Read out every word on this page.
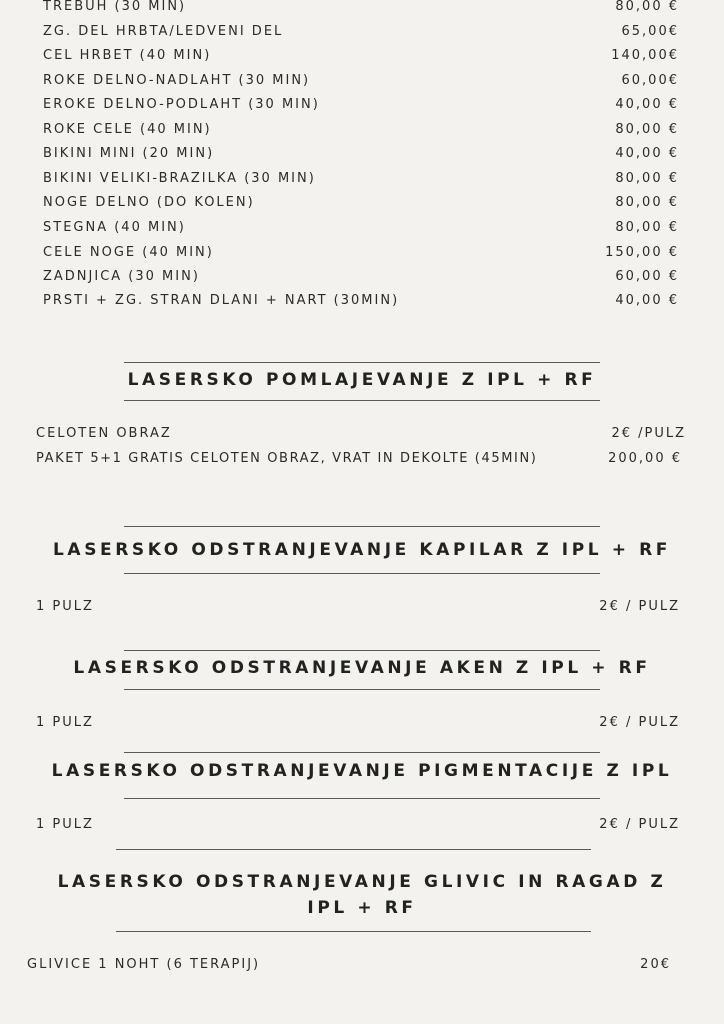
TREBUH (30 MIN)	80,00 €
ZG. DEL HRBTA/LEDVENI DEL	65,00€
CEL HRBET (40 MIN)	140,00€
ROKE DELNO-NADLAHT (30 MIN)	60,00€
EROKE DELNO-PODLAHT (30 MIN)	40,00 €
ROKE CELE (40 MIN)	80,00 €
BIKINI MINI (20 MIN)	40,00 €
BIKINI VELIKI-BRAZILKA (30 MIN)	80,00 €
NOGE DELNO (DO KOLEN)	80,00 €
STEGNA (40 MIN)	80,00 €
CELE NOGE (40 MIN)	150,00 €
ZADNJICA (30 MIN)	60,00 €
PRSTI + ZG. STRAN DLANI + NART (30MIN)	40,00 €
LASERSKO POMLAJEVANJE Z IPL + RF
CELOTEN OBRAZ	2€ /PULZ
PAKET 5+1 GRATIS CELOTEN OBRAZ, VRAT IN DEKOLTE (45MIN)	200,00 €
LASERSKO ODSTRANJEVANJE KAPILAR Z IPL + RF
1 PULZ	2€ / PULZ
LASERSKO ODSTRANJEVANJE AKEN Z IPL + RF
1 PULZ	2€ / PULZ
LASERSKO ODSTRANJEVANJE PIGMENTACIJE Z IPL
1 PULZ	2€ / PULZ
LASERSKO ODSTRANJEVANJE GLIVIC IN RAGAD Z
IPL + RF
GLIVICE 1 NOHT (6 TERAPIJ)	20€
